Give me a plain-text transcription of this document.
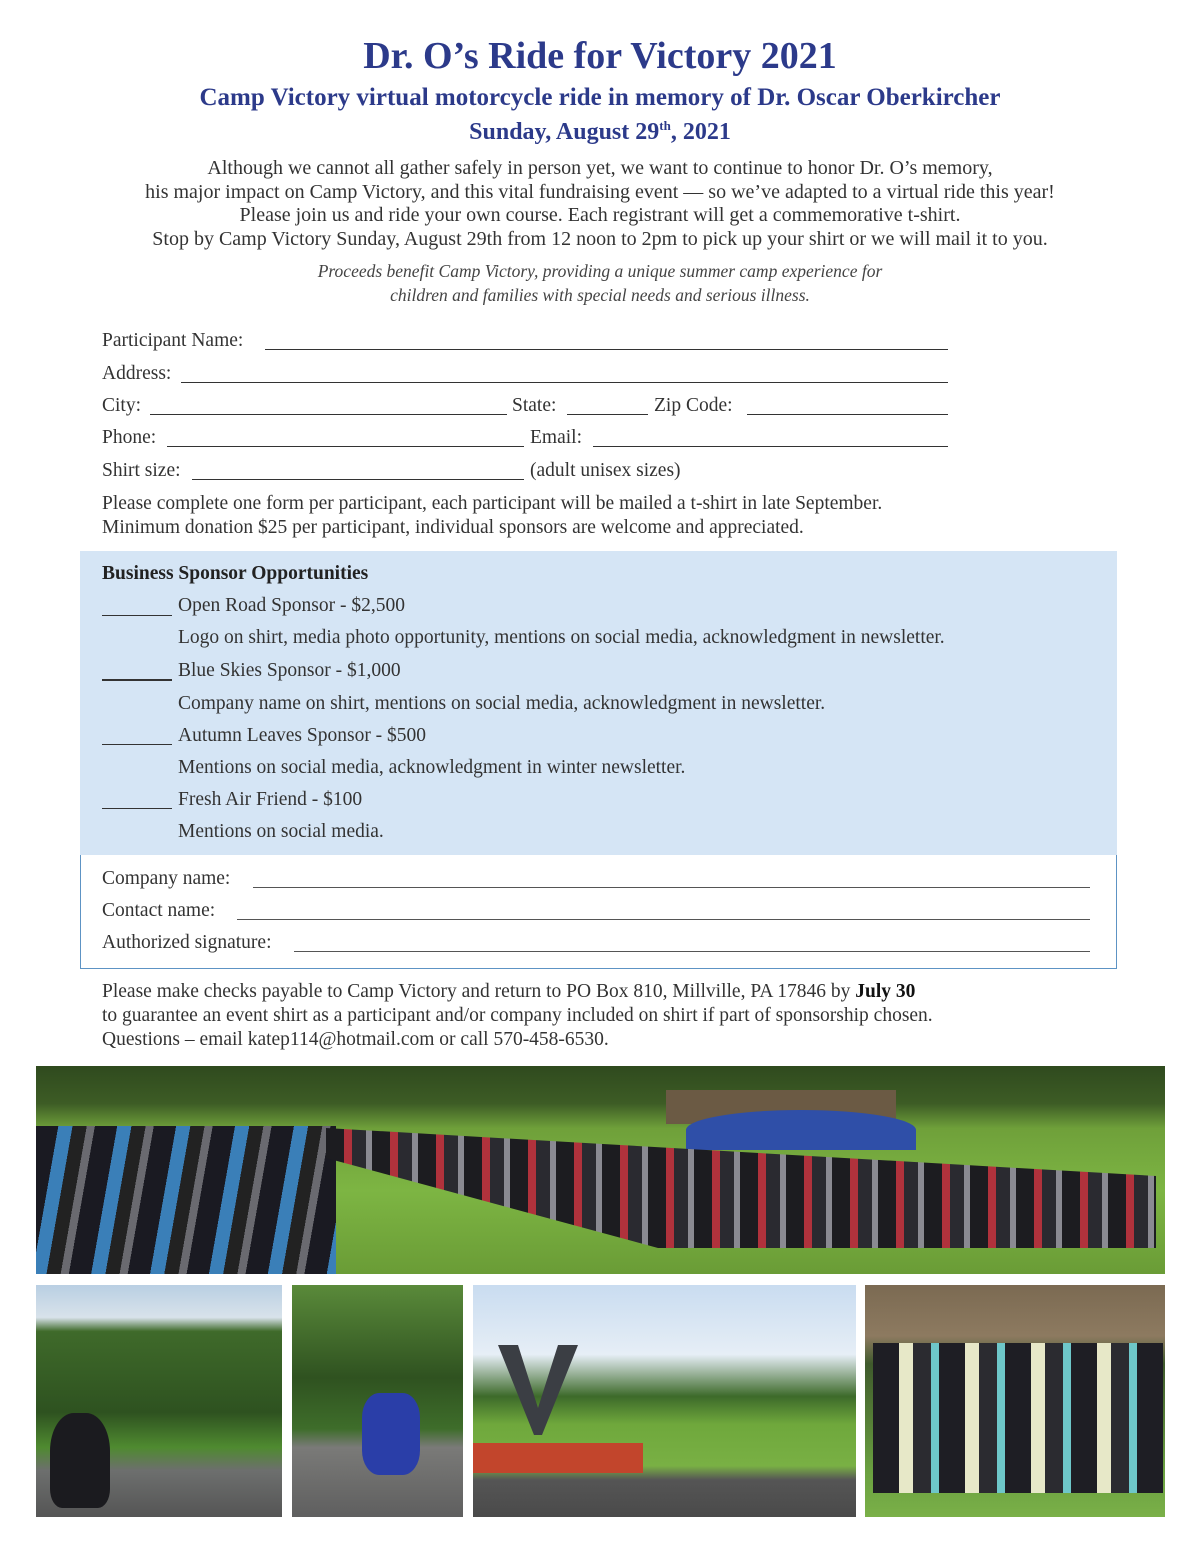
Dr. O’s Ride for Victory 2021
Camp Victory virtual motorcycle ride in memory of Dr. Oscar Oberkircher
Sunday, August 29th, 2021
Although we cannot all gather safely in person yet, we want to continue to honor Dr. O’s memory,
his major impact on Camp Victory, and this vital fundraising event — so we’ve adapted to a virtual ride this year!
Please join us and ride your own course. Each registrant will get a commemorative t-shirt.
Stop by Camp Victory Sunday, August 29th from 12 noon to 2pm to pick up your shirt or we will mail it to you.
Proceeds benefit Camp Victory, providing a unique summer camp experience for
children and families with special needs and serious illness.
Participant Name:
Address:
City:	State:	Zip Code:
Phone:	Email:
Shirt size:	(adult unisex sizes)
Please complete one form per participant, each participant will be mailed a t-shirt in late September.
Minimum donation $25 per participant, individual sponsors are welcome and appreciated.
Business Sponsor Opportunities
Open Road Sponsor - $2,500
Logo on shirt, media photo opportunity, mentions on social media, acknowledgment in newsletter.
Blue Skies Sponsor - $1,000
Company name on shirt, mentions on social media, acknowledgment in newsletter.
Autumn Leaves Sponsor - $500
Mentions on social media, acknowledgment in winter newsletter.
Fresh Air Friend - $100
Mentions on social media.
Company name:
Contact name:
Authorized signature:
Please make checks payable to Camp Victory and return to PO Box 810, Millville, PA 17846 by July 30
to guarantee an event shirt as a participant and/or company included on shirt if part of sponsorship chosen.
Questions – email katep114@hotmail.com or call 570-458-6530.
